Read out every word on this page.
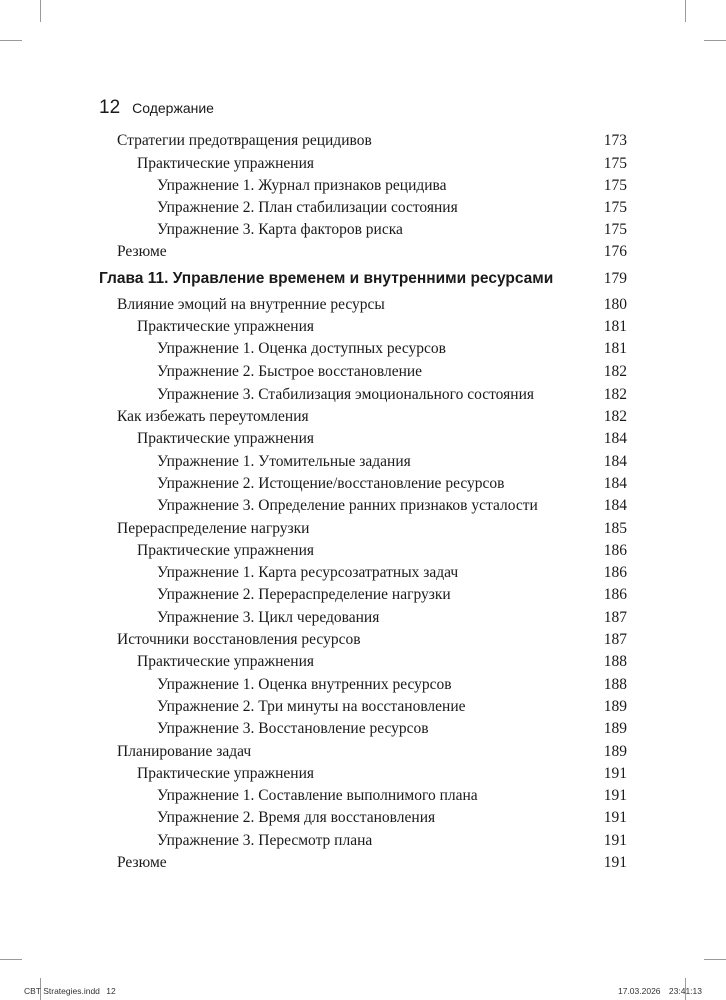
12 Содержание
Стратегии предотвращения рецидивов	173
Практические упражнения	175
Упражнение 1. Журнал признаков рецидива	175
Упражнение 2. План стабилизации состояния	175
Упражнение 3. Карта факторов риска	175
Резюме	176
Глава 11. Управление временем и внутренними ресурсами	179
Влияние эмоций на внутренние ресурсы	180
Практические упражнения	181
Упражнение 1. Оценка доступных ресурсов	181
Упражнение 2. Быстрое восстановление	182
Упражнение 3. Стабилизация эмоционального состояния	182
Как избежать переутомления	182
Практические упражнения	184
Упражнение 1. Утомительные задания	184
Упражнение 2. Истощение/восстановление ресурсов	184
Упражнение 3. Определение ранних признаков усталости	184
Перераспределение нагрузки	185
Практические упражнения	186
Упражнение 1. Карта ресурсозатратных задач	186
Упражнение 2. Перераспределение нагрузки	186
Упражнение 3. Цикл чередования	187
Источники восстановления ресурсов	187
Практические упражнения	188
Упражнение 1. Оценка внутренних ресурсов	188
Упражнение 2. Три минуты на восстановление	189
Упражнение 3. Восстановление ресурсов	189
Планирование задач	189
Практические упражнения	191
Упражнение 1. Составление выполнимого плана	191
Упражнение 2. Время для восстановления	191
Упражнение 3. Пересмотр плана	191
Резюме	191
CBT Strategies.indd 12	17.03.2026 23:41:13
